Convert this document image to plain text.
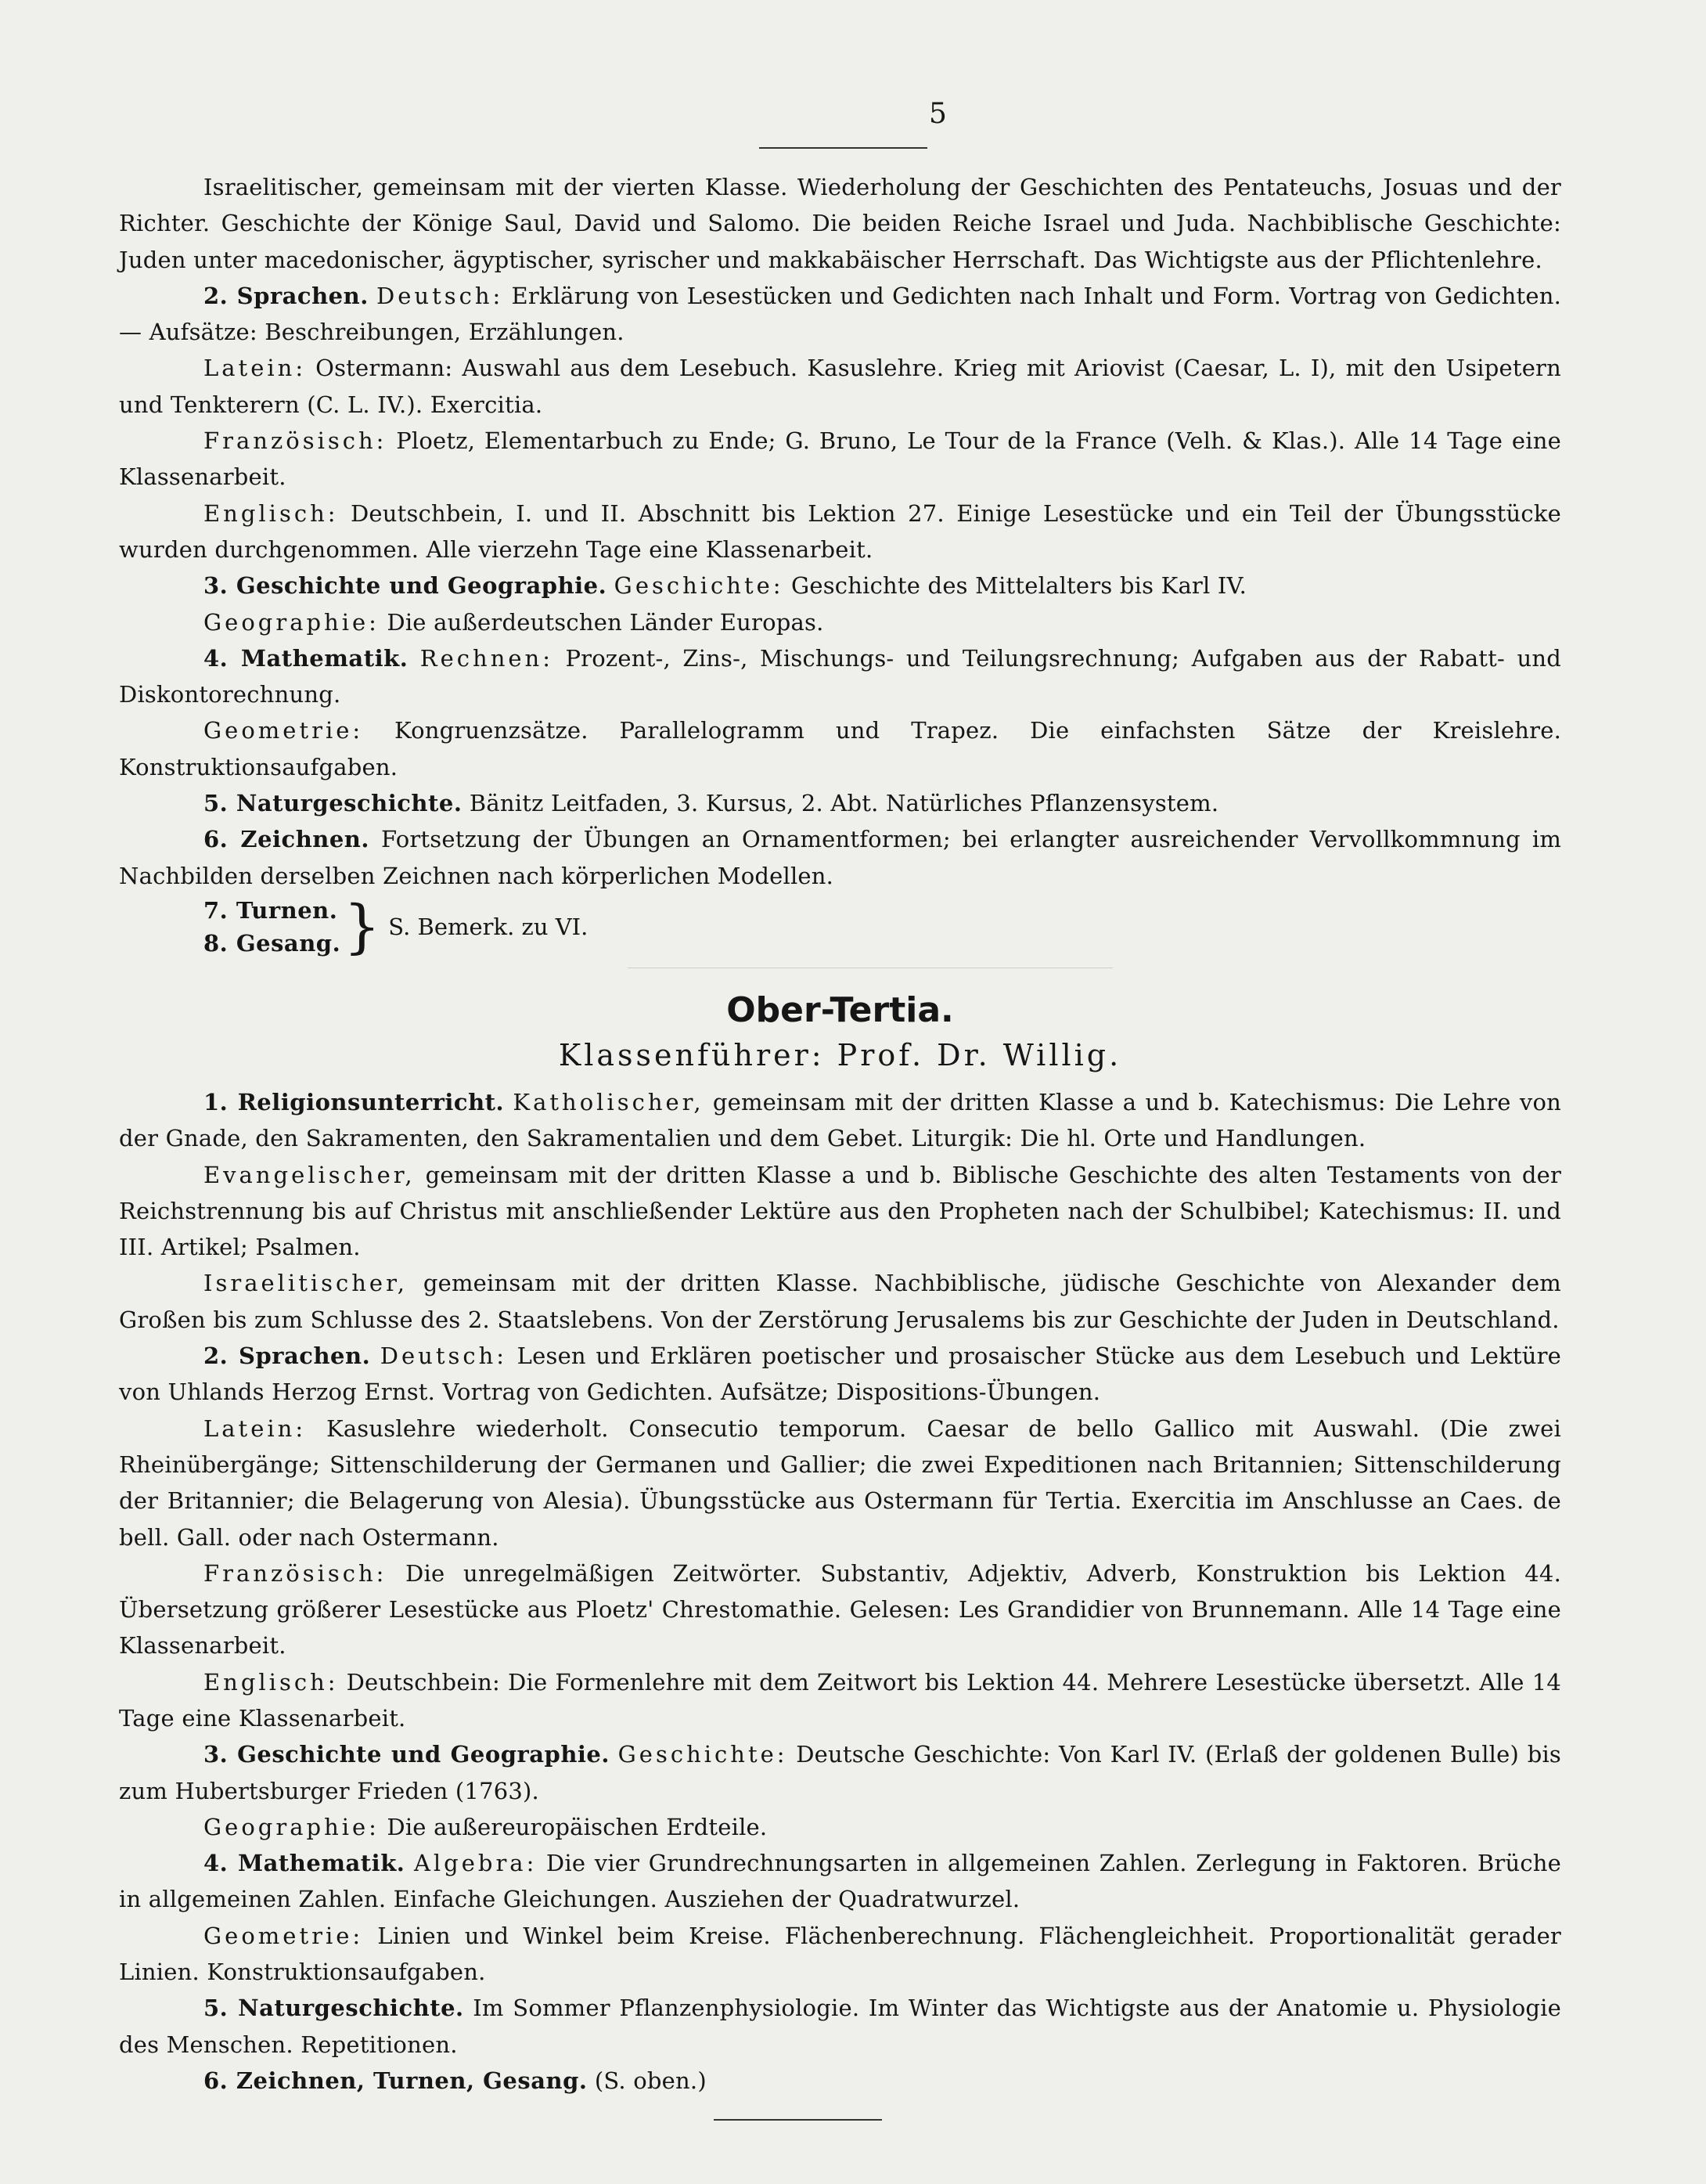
5

Israelitischer, gemeinsam mit der vierten Klasse. Wiederholung der Geschichten des Pentateuchs, Josuas und der Richter. Geschichte der Könige Saul, David und Salomo. Die beiden Reiche Israel und Juda. Nachbiblische Geschichte: Juden unter macedonischer, ägyptischer, syrischer und makkabäischer Herrschaft. Das Wichtigste aus der Pflichtenlehre.

2. Sprachen. Deutsch: Erklärung von Lesestücken und Gedichten nach Inhalt und Form. Vortrag von Gedichten. — Aufsätze: Beschreibungen, Erzählungen.

Latein: Ostermann: Auswahl aus dem Lesebuch. Kasuslehre. Krieg mit Ariovist (Caesar, L. I), mit den Usipetern und Tenkterern (C. L. IV.). Exercitia.

Französisch: Ploetz, Elementarbuch zu Ende; G. Bruno, Le Tour de la France (Velh. & Klas.). Alle 14 Tage eine Klassenarbeit.

Englisch: Deutschbein, I. und II. Abschnitt bis Lektion 27. Einige Lesestücke und ein Teil der Übungsstücke wurden durchgenommen. Alle vierzehn Tage eine Klassenarbeit.

3. Geschichte und Geographie. Geschichte: Geschichte des Mittelalters bis Karl IV.

Geographie: Die außerdeutschen Länder Europas.

4. Mathematik. Rechnen: Prozent-, Zins-, Mischungs- und Teilungsrechnung; Aufgaben aus der Rabatt- und Diskontorechnung.

Geometrie: Kongruenzsätze. Parallelogramm und Trapez. Die einfachsten Sätze der Kreislehre. Konstruktionsaufgaben.

5. Naturgeschichte. Bänitz Leitfaden, 3. Kursus, 2. Abt. Natürliches Pflanzensystem.

6. Zeichnen. Fortsetzung der Übungen an Ornamentformen; bei erlangter ausreichender Vervollkommnung im Nachbilden derselben Zeichnen nach körperlichen Modellen.

7. Turnen.
8. Gesang. } S. Bemerk. zu VI.
Ober-Tertia.
Klassenführer: Prof. Dr. Willig.

1. Religionsunterricht. Katholischer, gemeinsam mit der dritten Klasse a und b. Katechismus: Die Lehre von der Gnade, den Sakramenten, den Sakramentalien und dem Gebet. Liturgik: Die hl. Orte und Handlungen.

Evangelischer, gemeinsam mit der dritten Klasse a und b. Biblische Geschichte des alten Testaments von der Reichstrennung bis auf Christus mit anschließender Lektüre aus den Propheten nach der Schulbibel; Katechismus: II. und III. Artikel; Psalmen.

Israelitischer, gemeinsam mit der dritten Klasse. Nachbiblische, jüdische Geschichte von Alexander dem Großen bis zum Schlusse des 2. Staatslebens. Von der Zerstörung Jerusalems bis zur Geschichte der Juden in Deutschland.

2. Sprachen. Deutsch: Lesen und Erklären poetischer und prosaischer Stücke aus dem Lesebuch und Lektüre von Uhlands Herzog Ernst. Vortrag von Gedichten. Aufsätze; Dispositions-Übungen.

Latein: Kasuslehre wiederholt. Consecutio temporum. Caesar de bello Gallico mit Auswahl. (Die zwei Rheinübergänge; Sittenschilderung der Germanen und Gallier; die zwei Expeditionen nach Britannien; Sittenschilderung der Britannier; die Belagerung von Alesia). Übungsstücke aus Ostermann für Tertia. Exercitia im Anschlusse an Caes. de bell. Gall. oder nach Ostermann.

Französisch: Die unregelmäßigen Zeitwörter. Substantiv, Adjektiv, Adverb, Konstruktion bis Lektion 44. Übersetzung größerer Lesestücke aus Ploetz' Chrestomathie. Gelesen: Les Grandidier von Brunnemann. Alle 14 Tage eine Klassenarbeit.

Englisch: Deutschbein: Die Formenlehre mit dem Zeitwort bis Lektion 44. Mehrere Lesestücke übersetzt. Alle 14 Tage eine Klassenarbeit.

3. Geschichte und Geographie. Geschichte: Deutsche Geschichte: Von Karl IV. (Erlaß der goldenen Bulle) bis zum Hubertsburger Frieden (1763).

Geographie: Die außereuropäischen Erdteile.

4. Mathematik. Algebra: Die vier Grundrechnungsarten in allgemeinen Zahlen. Zerlegung in Faktoren. Brüche in allgemeinen Zahlen. Einfache Gleichungen. Ausziehen der Quadratwurzel.

Geometrie: Linien und Winkel beim Kreise. Flächenberechnung. Flächengleichheit. Proportionalität gerader Linien. Konstruktionsaufgaben.

5. Naturgeschichte. Im Sommer Pflanzenphysiologie. Im Winter das Wichtigste aus der Anatomie u. Physiologie des Menschen. Repetitionen.

6. Zeichnen, Turnen, Gesang. (S. oben.)
